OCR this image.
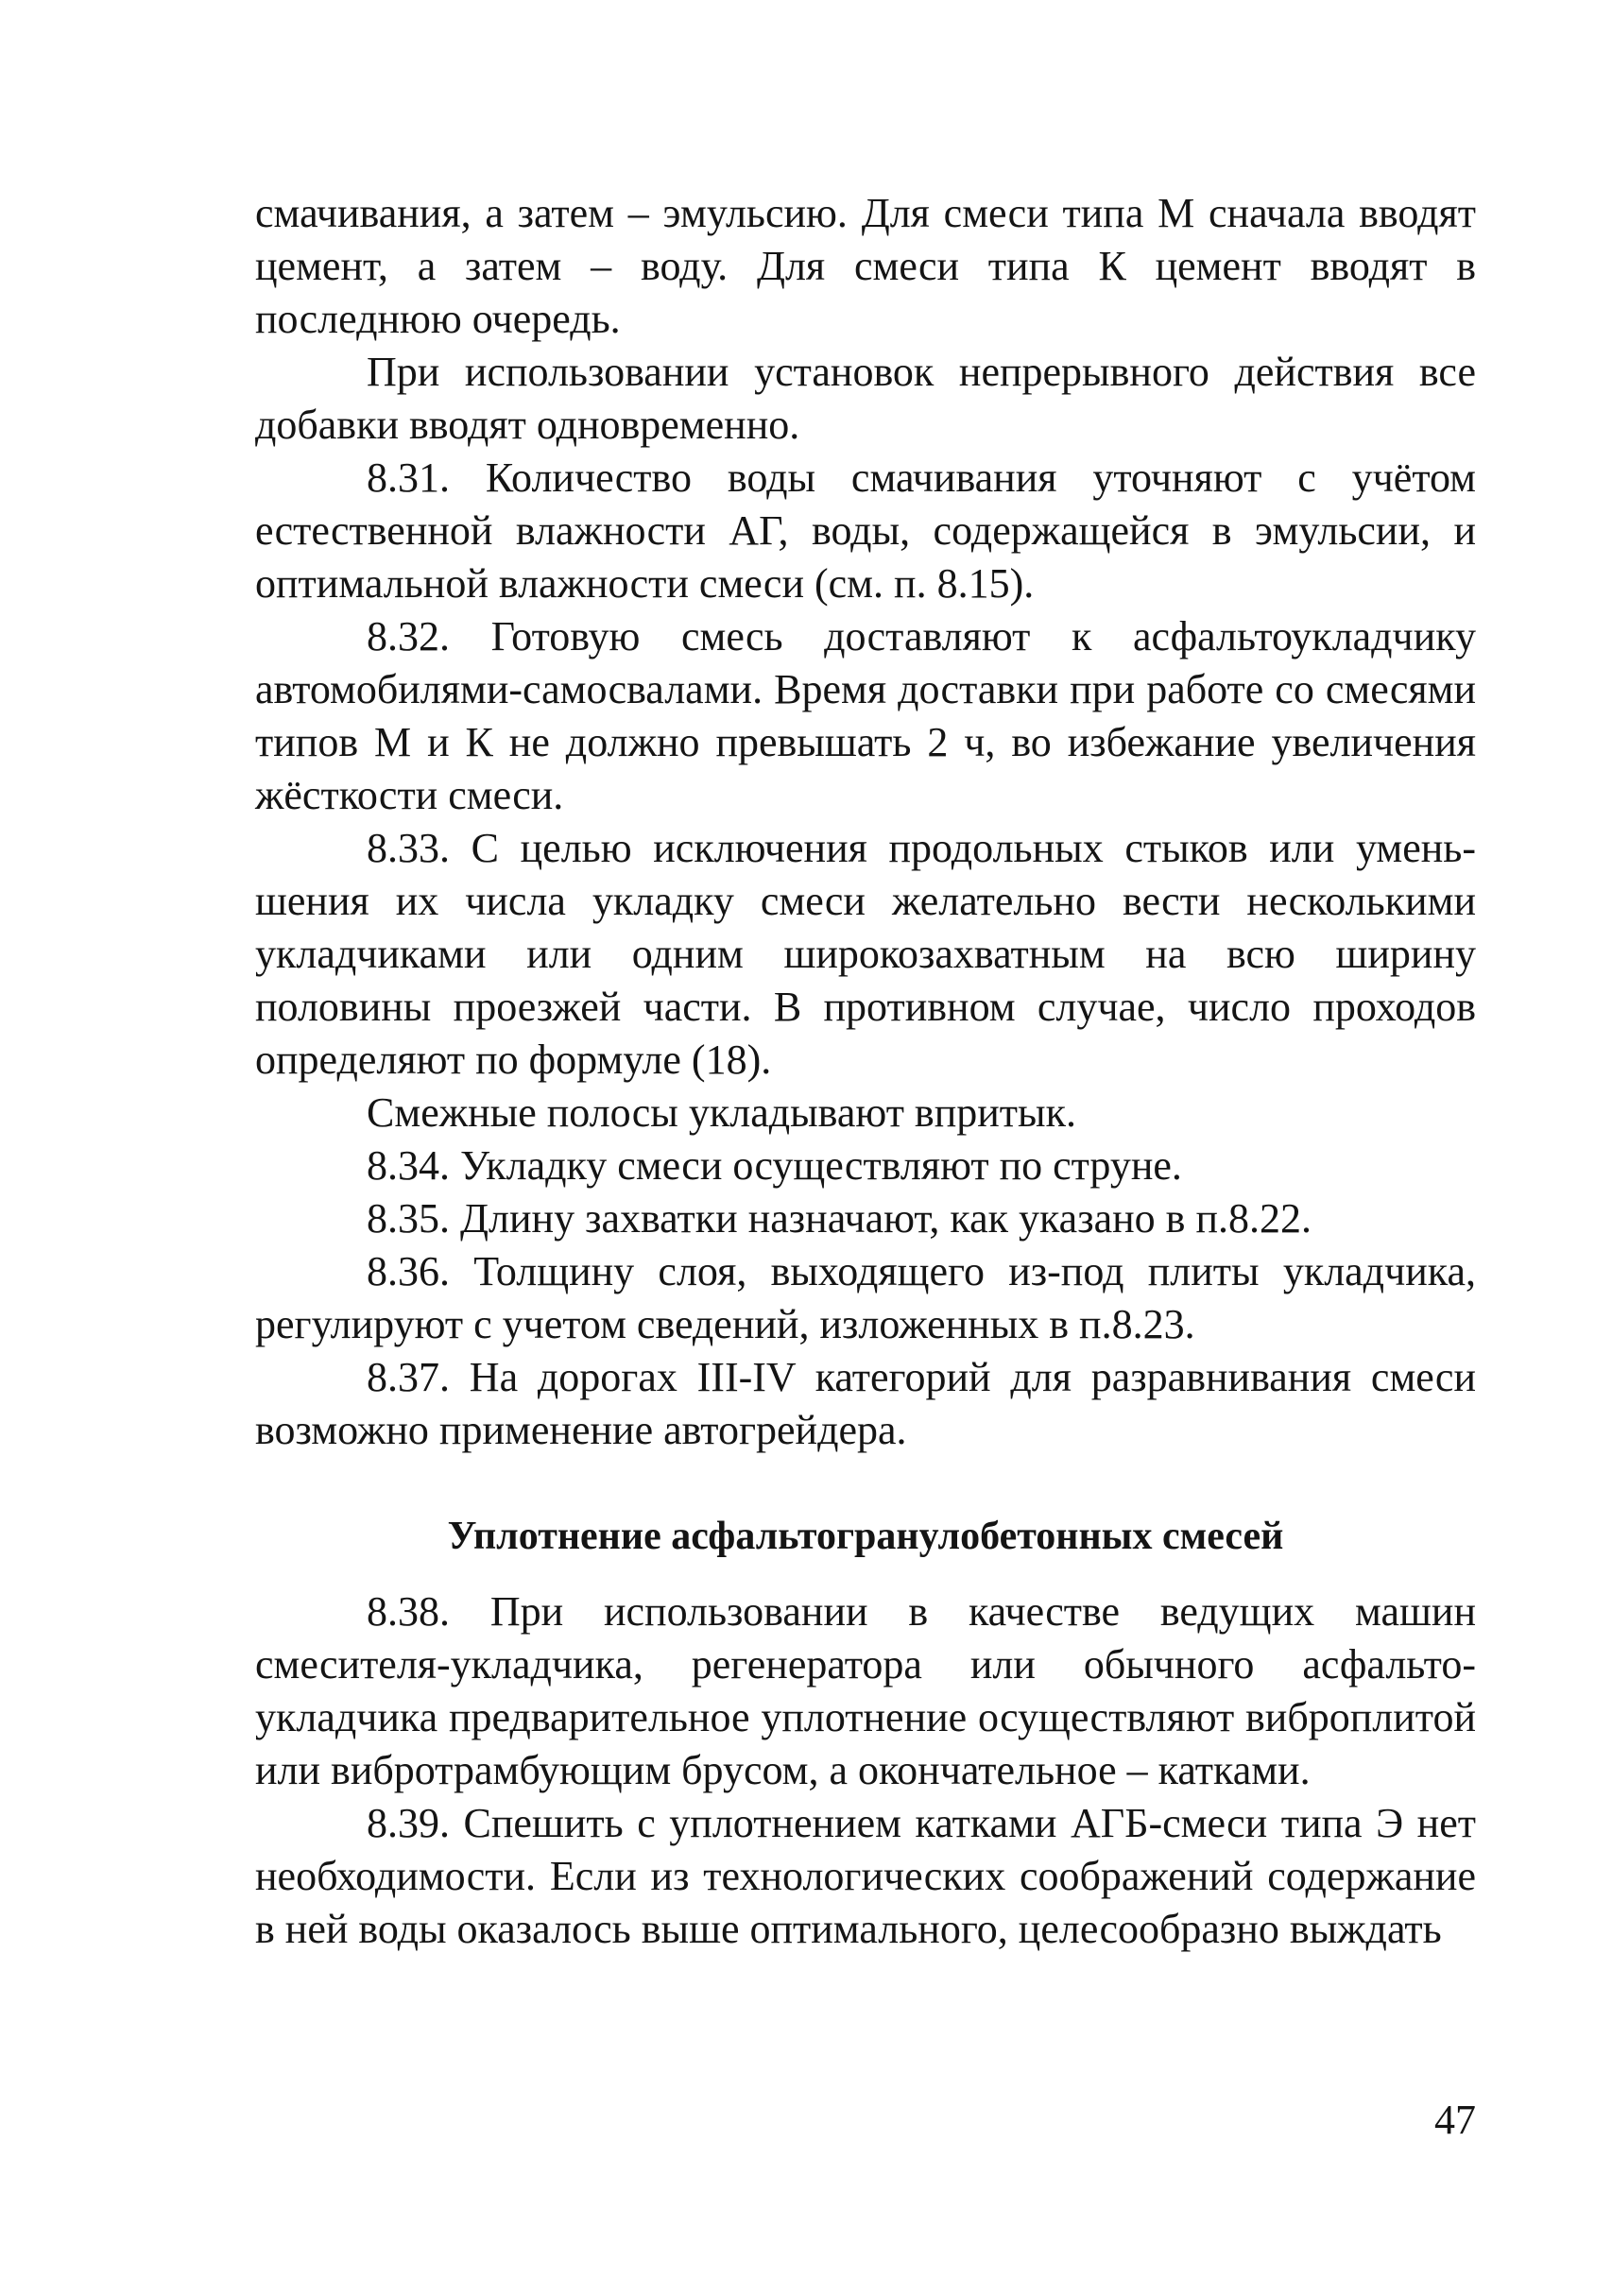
смачивания, а затем – эмульсию. Для смеси типа М сначала вводят цемент, а затем – воду. Для смеси типа К цемент вводят в последнюю очередь.

При использовании установок непрерывного действия все добавки вводят одновременно.

8.31. Количество воды смачивания уточняют с учётом естественной влажности АГ, воды, содержащейся в эмульсии, и оптимальной влажности смеси (см. п. 8.15).

8.32. Готовую смесь доставляют к асфальтоукладчику автомобилями-самосвалами. Время доставки при работе со смесями типов М и К не должно превышать 2 ч, во избежание увеличения жёсткости смеси.

8.33. С целью исключения продольных стыков или уменьшения их числа укладку смеси желательно вести несколькими укладчиками или одним широкозахватным на всю ширину половины проезжей части. В противном случае, число проходов определяют по формуле (18).

Смежные полосы укладывают впритык.

8.34. Укладку смеси осуществляют по струне.

8.35. Длину захватки назначают, как указано в п.8.22.

8.36. Толщину слоя, выходящего из-под плиты укладчика, регулируют с учетом сведений, изложенных в п.8.23.

8.37. На дорогах III-IV категорий для разравнивания смеси возможно применение автогрейдера.

Уплотнение асфальтогранулобетонных смесей

8.38. При использовании в качестве ведущих машин смесителя-укладчика, регенератора или обычного асфальтоукладчика предварительное уплотнение осуществляют виброплитой или вибротрамбующим брусом, а окончательное – катками.

8.39. Спешить с уплотнением катками АГБ-смеси типа Э нет необходимости. Если из технологических соображений содержание в ней воды оказалось выше оптимального, целесообразно выждать

47
